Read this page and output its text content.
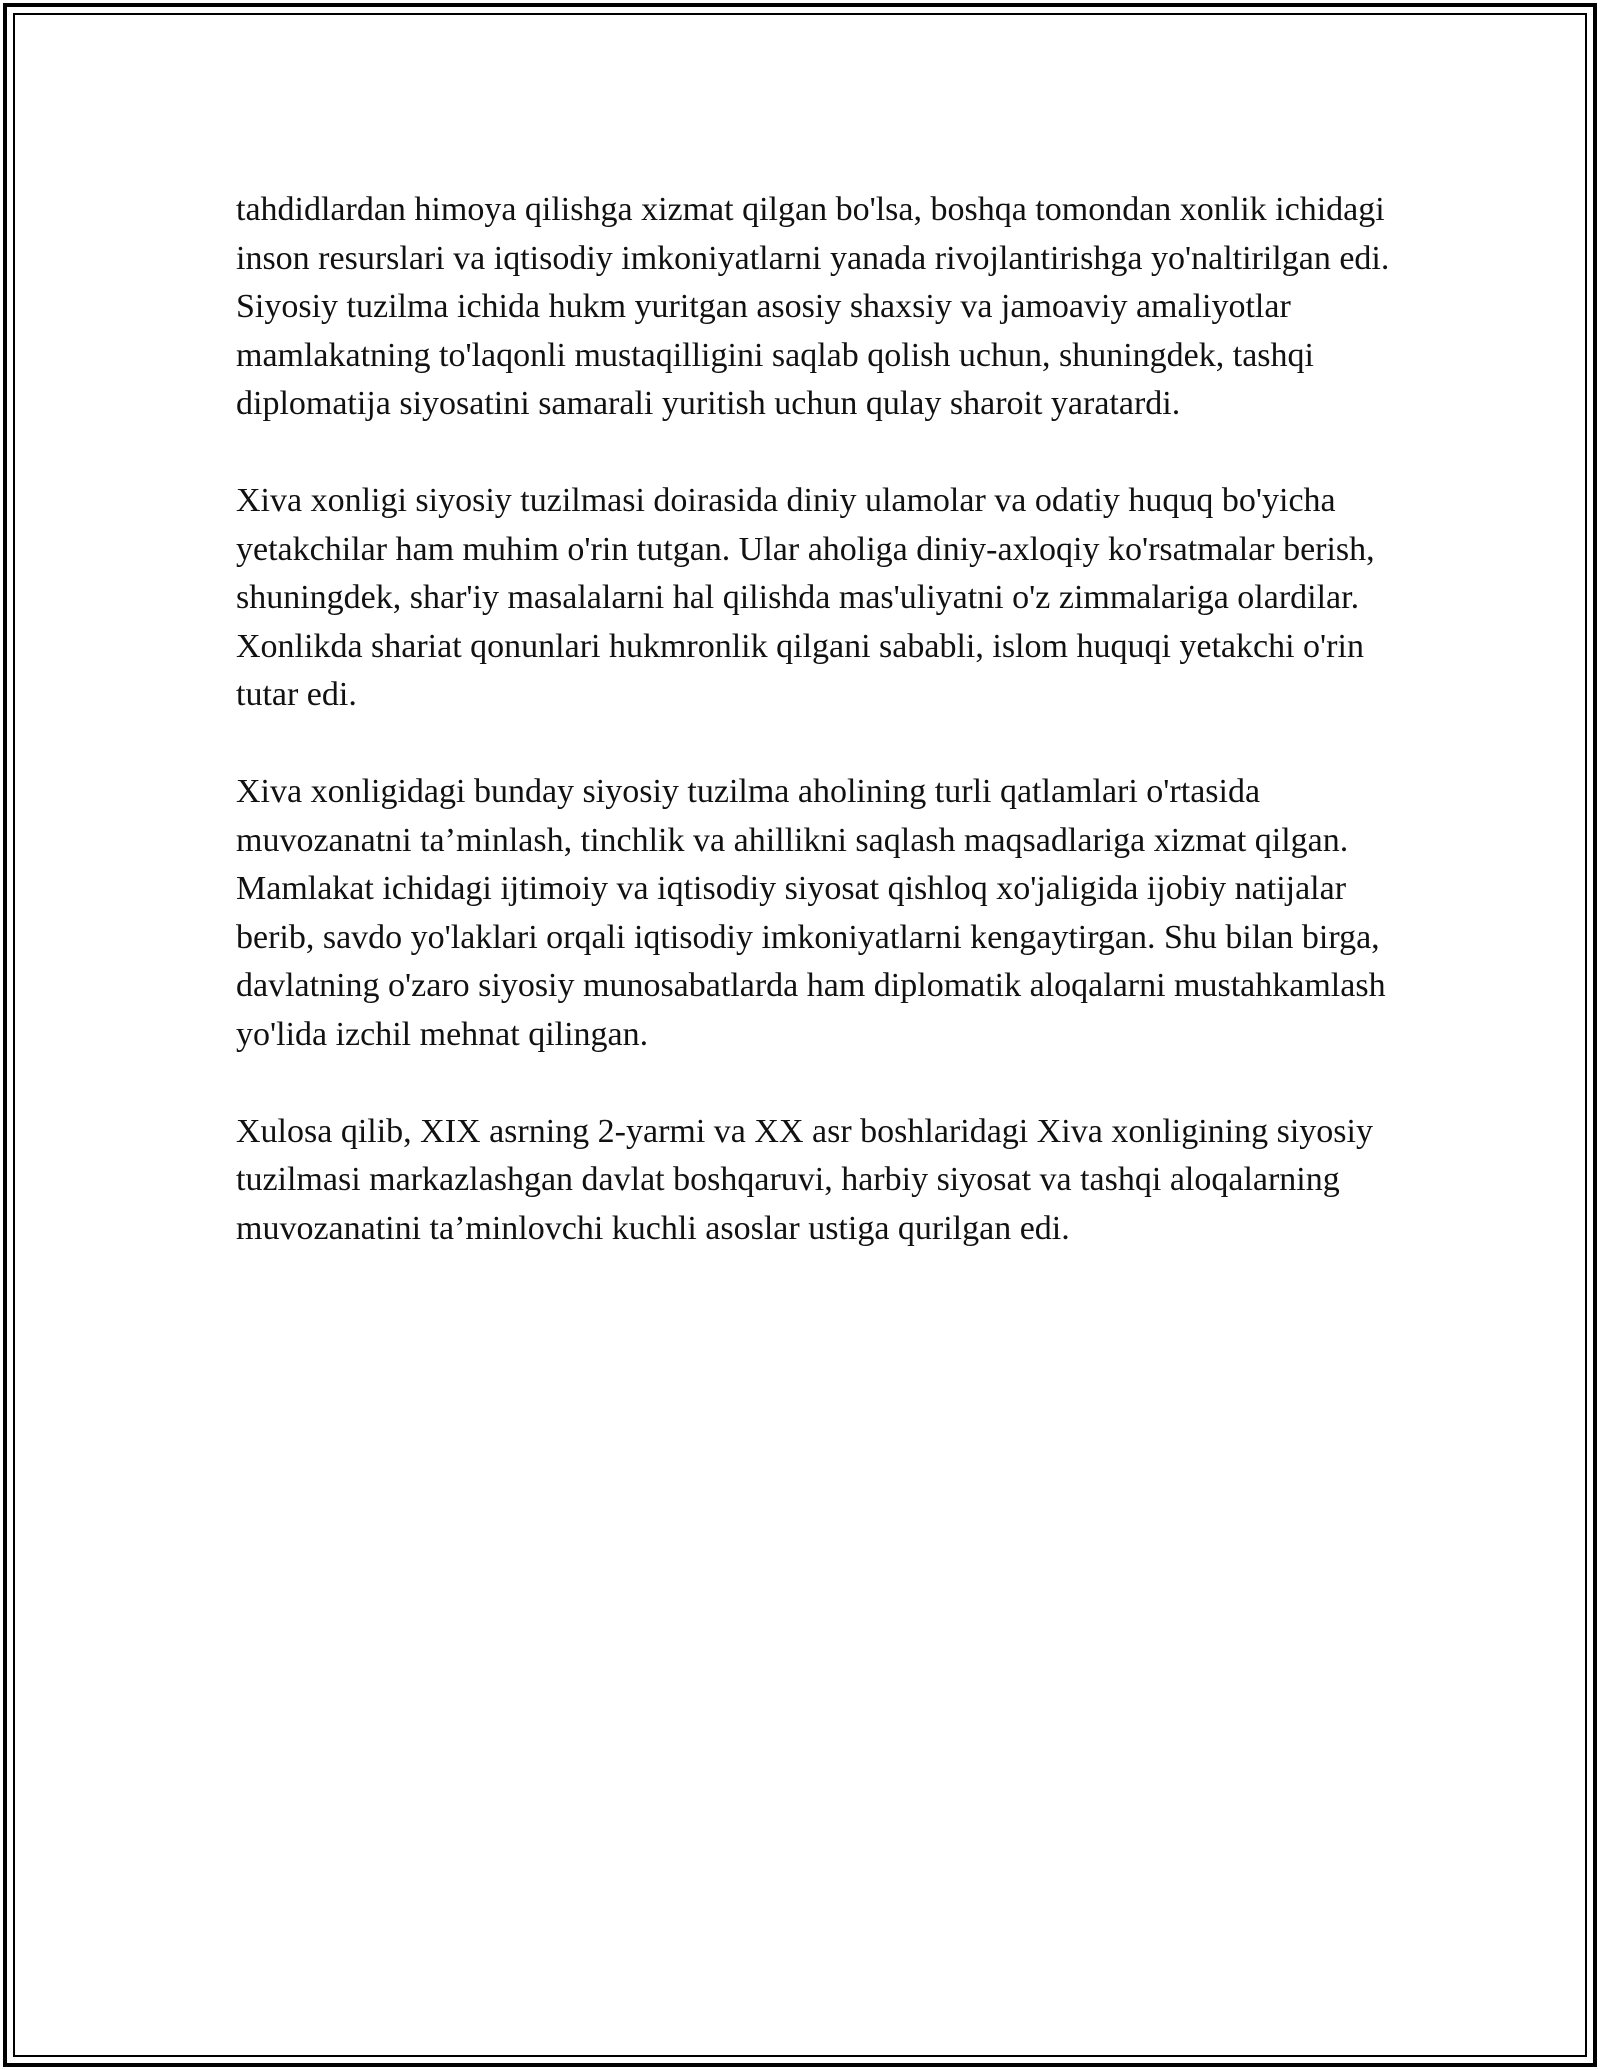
tahdidlardan himoya qilishga xizmat qilgan bo'lsa, boshqa tomondan xonlik ichidagi inson resurslari va iqtisodiy imkoniyatlarni yanada rivojlantirishga yo'naltirilgan edi. Siyosiy tuzilma ichida hukm yuritgan asosiy shaxsiy va jamoaviy amaliyotlar mamlakatning to'laqonli mustaqilligini saqlab qolish uchun, shuningdek, tashqi diplomatija siyosatini samarali yuritish uchun qulay sharoit yaratardi.

Xiva xonligi siyosiy tuzilmasi doirasida diniy ulamolar va odatiy huquq bo'yicha yetakchilar ham muhim o'rin tutgan. Ular aholiga diniy-axloqiy ko'rsatmalar berish, shuningdek, shar'iy masalalarni hal qilishda mas'uliyatni o'z zimmalariga olardilar. Xonlikda shariat qonunlari hukmronlik qilgani sababli, islom huquqi yetakchi o'rin tutar edi.

Xiva xonligidagi bunday siyosiy tuzilma aholining turli qatlamlari o'rtasida muvozanatni ta’minlash, tinchlik va ahillikni saqlash maqsadlariga xizmat qilgan. Mamlakat ichidagi ijtimoiy va iqtisodiy siyosat qishloq xo'jaligida ijobiy natijalar berib, savdo yo'laklari orqali iqtisodiy imkoniyatlarni kengaytirgan. Shu bilan birga, davlatning o'zaro siyosiy munosabatlarda ham diplomatik aloqalarni mustahkamlash yo'lida izchil mehnat qilingan.

Xulosa qilib, XIX asrning 2-yarmi va XX asr boshlaridagi Xiva xonligining siyosiy tuzilmasi markazlashgan davlat boshqaruvi, harbiy siyosat va tashqi aloqalarning muvozanatini ta’minlovchi kuchli asoslar ustiga qurilgan edi.
